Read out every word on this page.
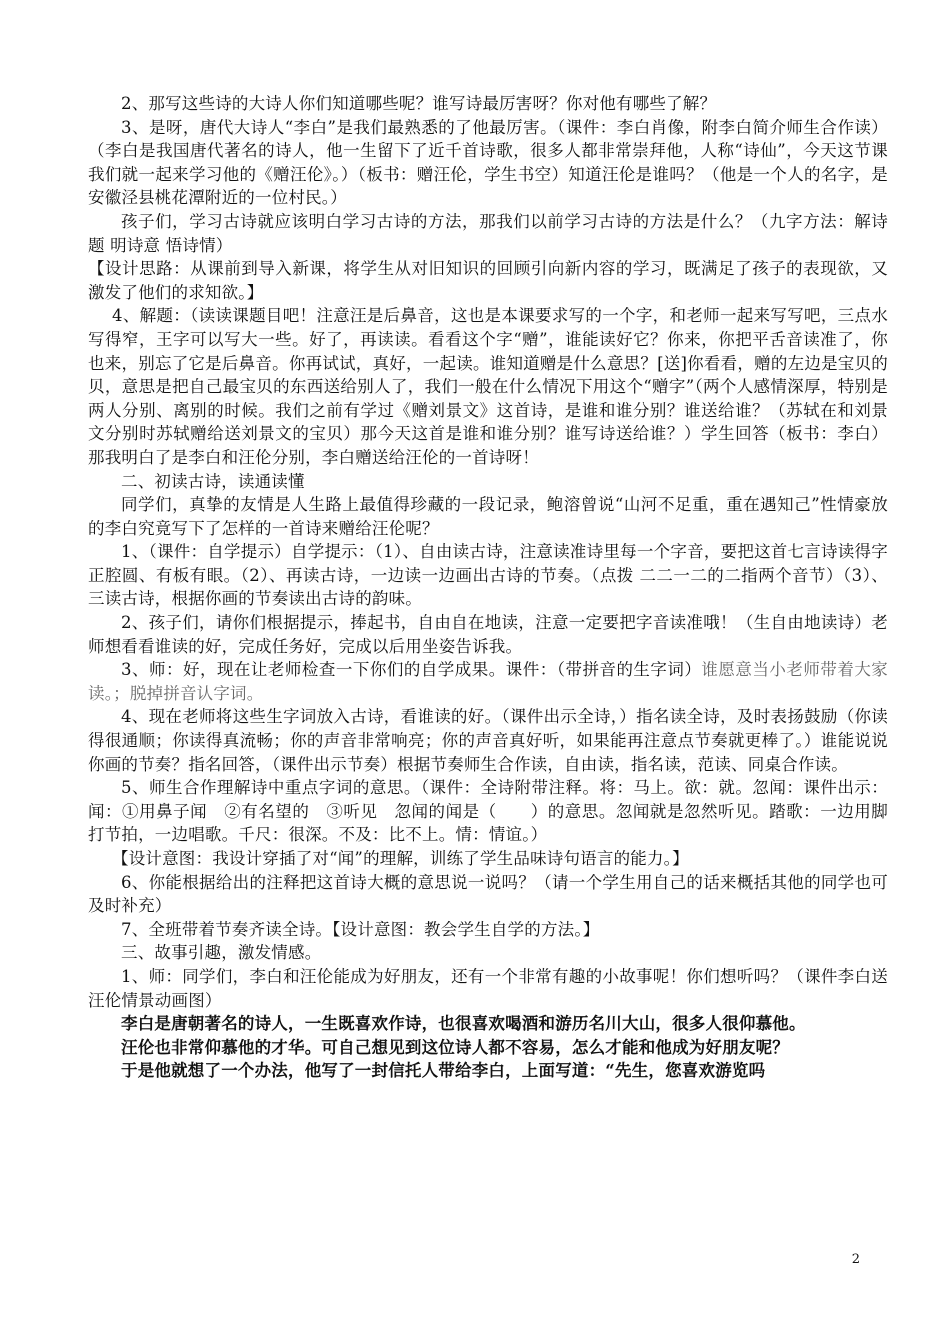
2、那写这些诗的大诗人你们知道哪些呢？谁写诗最厉害呀？你对他有哪些了解？

3、是呀，唐代大诗人“李白”是我们最熟悉的了他最厉害。（课件：李白肖像，附李白简介师生合作读）（李白是我国唐代著名的诗人，他一生留下了近千首诗歌，很多人都非常崇拜他，人称“诗仙”，今天这节课我们就一起来学习他的《赠汪伦》。）（板书：赠汪伦，学生书空）知道汪伦是谁吗？（他是一个人的名字，是安徽泾县桃花潭附近的一位村民。）

孩子们，学习古诗就应该明白学习古诗的方法，那我们以前学习古诗的方法是什么？（九字方法：解诗题 明诗意 悟诗情）

【设计思路：从课前到导入新课，将学生从对旧知识的回顾引向新内容的学习，既满足了孩子的表现欲，又激发了他们的求知欲。】

4、解题：（读读课题目吧！注意汪是后鼻音，这也是本课要求写的一个字，和老师一起来写写吧，三点水写得窄，王字可以写大一些。好了，再读读。看看这个字“赠”，谁能读好它？你来，你把平舌音读准了，你也来，别忘了它是后鼻音。你再试试，真好，一起读。谁知道赠是什么意思？[送]你看看，赠的左边是宝贝的贝，意思是把自己最宝贝的东西送给别人了，我们一般在什么情况下用这个“赠字”（两个人感情深厚，特别是两人分别、离别的时候。我们之前有学过《赠刘景文》这首诗，是谁和谁分别？谁送给谁？（苏轼在和刘景文分别时苏轼赠给送刘景文的宝贝）那今天这首是谁和谁分别？谁写诗送给谁？）学生回答（板书：李白）那我明白了是李白和汪伦分别，李白赠送给汪伦的一首诗呀！

二、初读古诗，读通读懂

同学们，真挚的友情是人生路上最值得珍藏的一段记录，鲍溶曾说“山河不足重，重在遇知己”性情豪放的李白究竟写下了怎样的一首诗来赠给汪伦呢？

1、（课件：自学提示）自学提示：（1）、自由读古诗，注意读准诗里每一个字音，要把这首七言诗读得字正腔圆、有板有眼。（2）、再读古诗，一边读一边画出古诗的节奏。（点拨 二二一二的二指两个音节）（3）、三读古诗，根据你画的节奏读出古诗的韵味。

2、孩子们，请你们根据提示，捧起书，自由自在地读，注意一定要把字音读准哦！（生自由地读诗）老师想看看谁读的好，完成任务好，完成以后用坐姿告诉我。

3、师：好，现在让老师检查一下你们的自学成果。课件：（带拼音的生字词）谁愿意当小老师带着大家读。；脱掉拼音认字词。

4、现在老师将这些生字词放入古诗，看谁读的好。（课件出示全诗，）指名读全诗，及时表扬鼓励（你读得很通顺；你读得真流畅；你的声音非常响亮；你的声音真好听，如果能再注意点节奏就更棒了。）谁能说说你画的节奏？指名回答，（课件出示节奏）根据节奏师生合作读，自由读，指名读，范读、同桌合作读。

5、师生合作理解诗中重点字词的意思。（课件：全诗附带注释。将：马上。欲：就。忽闻：课件出示：闻：①用鼻子闻　②有名望的　③听见　忽闻的闻是（　　）的意思。忽闻就是忽然听见。踏歌：一边用脚打节拍，一边唱歌。千尺：很深。不及：比不上。情：情谊。）

【设计意图：我设计穿插了对“闻”的理解，训练了学生品味诗句语言的能力。】

6、你能根据给出的注释把这首诗大概的意思说一说吗？（请一个学生用自己的话来概括其他的同学也可及时补充）

7、全班带着节奏齐读全诗。【设计意图：教会学生自学的方法。】

三、故事引趣，激发情感。

1、师：同学们，李白和汪伦能成为好朋友，还有一个非常有趣的小故事呢！你们想听吗？（课件李白送汪伦情景动画图）

李白是唐朝著名的诗人，一生既喜欢作诗，也很喜欢喝酒和游历名川大山，很多人很仰慕他。

汪伦也非常仰慕他的才华。可自己想见到这位诗人都不容易，怎么才能和他成为好朋友呢？

于是他就想了一个办法，他写了一封信托人带给李白，上面写道：“先生，您喜欢游览吗

2
